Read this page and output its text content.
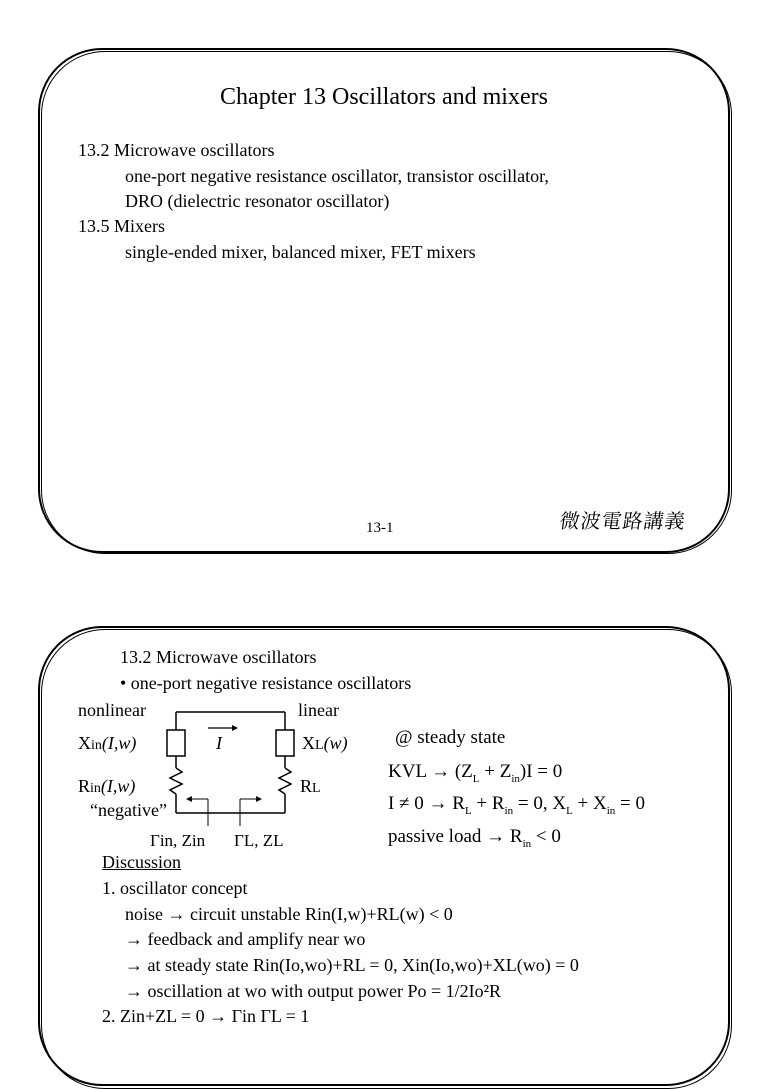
Chapter 13 Oscillators and mixers
13.2 Microwave oscillators
one-port negative resistance oscillator, transistor oscillator,
DRO (dielectric resonator oscillator)
13.5 Mixers
single-ended mixer, balanced mixer, FET mixers
13-1	微波電路講義
13.2 Microwave oscillators
• one-port negative resistance oscillators
nonlinear	linear
I
Xin(I,w)	XL(w)
Rin(I,w)	RL
“negative”
Γin, Zin ΓL, ZL
@ steady state
KVL → $(Z_L + Z_{in})I = 0$
$I \ne 0 \to R_L + R_{in} = 0$, $X_L + X_{in} = 0$
passive load → $R_{in} < 0$
Discussion
1. oscillator concept
noise → circuit unstable Rin(I,w)+RL(w) < 0
→ feedback and amplify near wo
→ at steady state Rin(Io,wo)+RL = 0, Xin(Io,wo)+XL(wo) = 0
→ oscillation at wo with output power Po = 1/2Io²R
2. Zin+ZL = 0 → Γin ΓL = 1
